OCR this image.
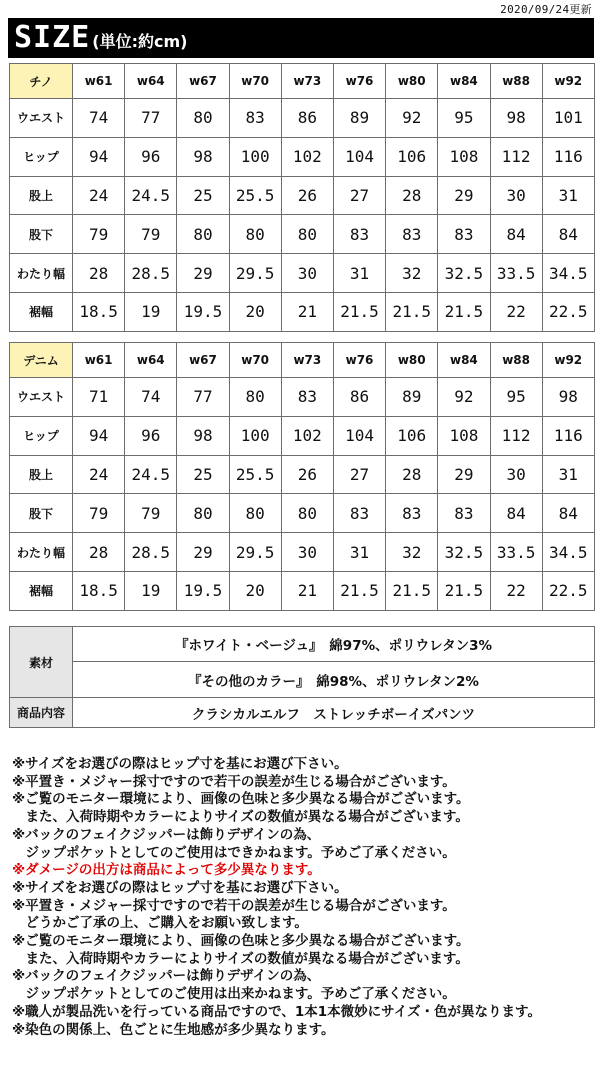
2020/09/24更新
SIZE (単位:約cm)
チノ	w61	w64	w67	w70	w73	w76	w80	w84	w88	w92
ウエスト	74	77	80	83	86	89	92	95	98	101
ヒップ	94	96	98	100	102	104	106	108	112	116
股上	24	24.5	25	25.5	26	27	28	29	30	31
股下	79	79	80	80	80	83	83	83	84	84
わたり幅	28	28.5	29	29.5	30	31	32	32.5	33.5	34.5
裾幅	18.5	19	19.5	20	21	21.5	21.5	21.5	22	22.5
デニム	w61	w64	w67	w70	w73	w76	w80	w84	w88	w92
ウエスト	71	74	77	80	83	86	89	92	95	98
ヒップ	94	96	98	100	102	104	106	108	112	116
股上	24	24.5	25	25.5	26	27	28	29	30	31
股下	79	79	80	80	80	83	83	83	84	84
わたり幅	28	28.5	29	29.5	30	31	32	32.5	33.5	34.5
裾幅	18.5	19	19.5	20	21	21.5	21.5	21.5	22	22.5
素材	『ホワイト・ベージュ』　綿97%、ポリウレタン3%
	『その他のカラー』　綿98%、ポリウレタン2%
商品内容	クラシカルエルフ　ストレッチボーイズパンツ
※サイズをお選びの際はヒップ寸を基にお選び下さい。
※平置き・メジャー採寸ですので若干の誤差が生じる場合がございます。
※ご覧のモニター環境により、画像の色味と多少異なる場合がございます。
　また、入荷時期やカラーによりサイズの数値が異なる場合がございます。
※バックのフェイクジッパーは飾りデザインの為、
　ジップポケットとしてのご使用はできかねます。予めご了承ください。
※ダメージの出方は商品によって多少異なります。
※サイズをお選びの際はヒップ寸を基にお選び下さい。
※平置き・メジャー採寸ですので若干の誤差が生じる場合がございます。
　どうかご了承の上、ご購入をお願い致します。
※ご覧のモニター環境により、画像の色味と多少異なる場合がございます。
　また、入荷時期やカラーによりサイズの数値が異なる場合がございます。
※バックのフェイクジッパーは飾りデザインの為、
　ジップポケットとしてのご使用は出来かねます。予めご了承ください。
※職人が製品洗いを行っている商品ですので、1本1本微妙にサイズ・色が異なります。
※染色の関係上、色ごとに生地感が多少異なります。
